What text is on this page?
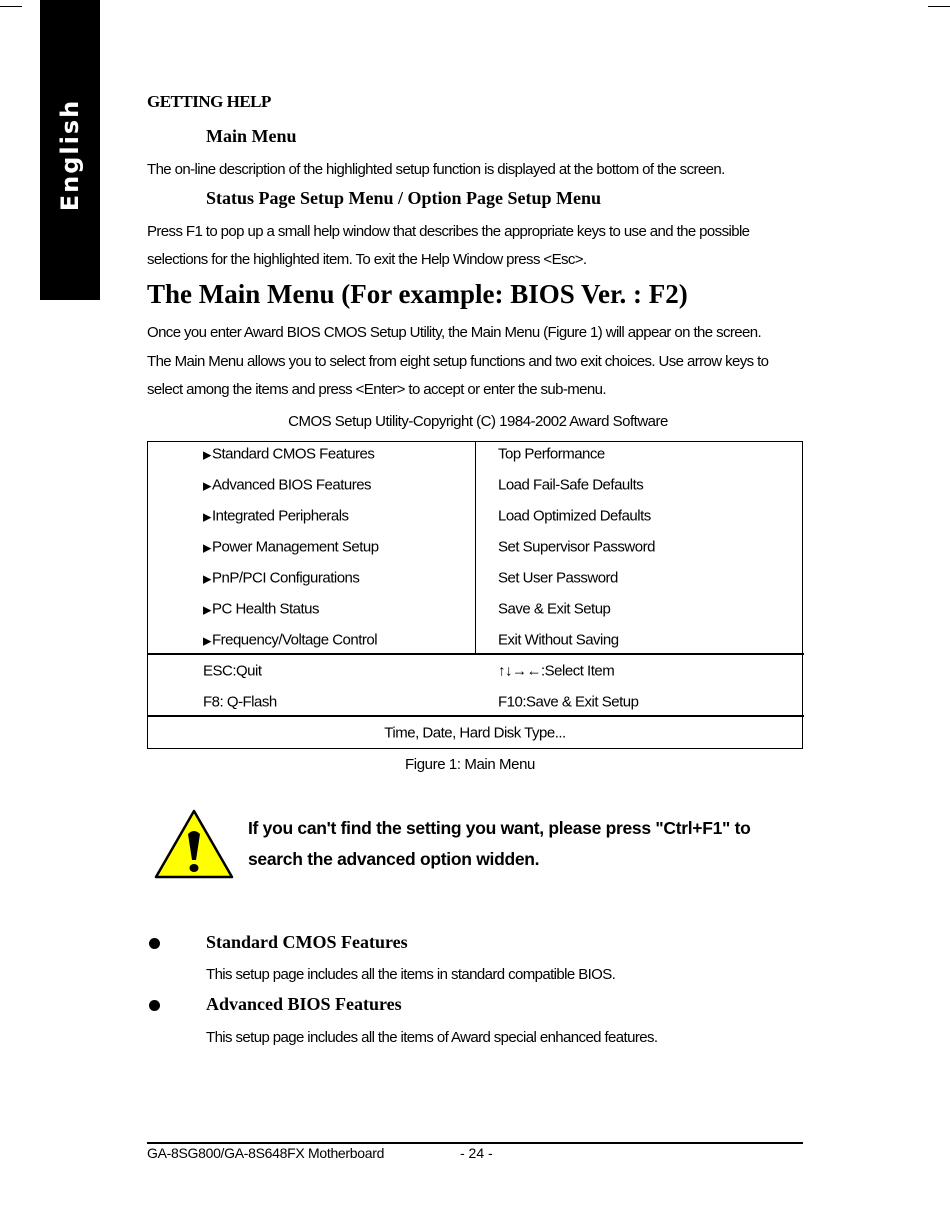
English	GETTING HELP
Main Menu
The on-line description of the highlighted setup function is displayed at the bottom of the screen.
Status Page Setup Menu / Option Page Setup Menu
Press F1 to pop up a small help window that describes the appropriate keys to use and the possible
selections for the highlighted item. To exit the Help Window press <Esc>.
The Main Menu (For example: BIOS Ver. : F2)
Once you enter Award BIOS CMOS Setup Utility, the Main Menu (Figure 1) will appear on the screen.
The Main Menu allows you to select from eight setup functions and two exit choices. Use arrow keys to
select among the items and press <Enter> to accept or enter the sub-menu.
CMOS Setup Utility-Copyright (C) 1984-2002 Award Software
▶Standard CMOS Features	Top Performance
▶Advanced BIOS Features	Load Fail-Safe Defaults
▶Integrated Peripherals	Load Optimized Defaults
▶Power Management Setup	Set Supervisor Password
▶PnP/PCI Configurations	Set User Password
▶PC Health Status	Save & Exit Setup
▶Frequency/Voltage Control	Exit Without Saving
ESC:Quit	↑↓→←:Select Item
F8: Q-Flash	F10:Save & Exit Setup
Time, Date, Hard Disk Type...
Figure 1: Main Menu
If you can't find the setting you want, please press "Ctrl+F1" to
search the advanced option widden.
Standard CMOS Features
This setup page includes all the items in standard compatible BIOS.
Advanced BIOS Features
This setup page includes all the items of Award special enhanced features.
GA-8SG800/GA-8S648FX Motherboard	- 24 -
